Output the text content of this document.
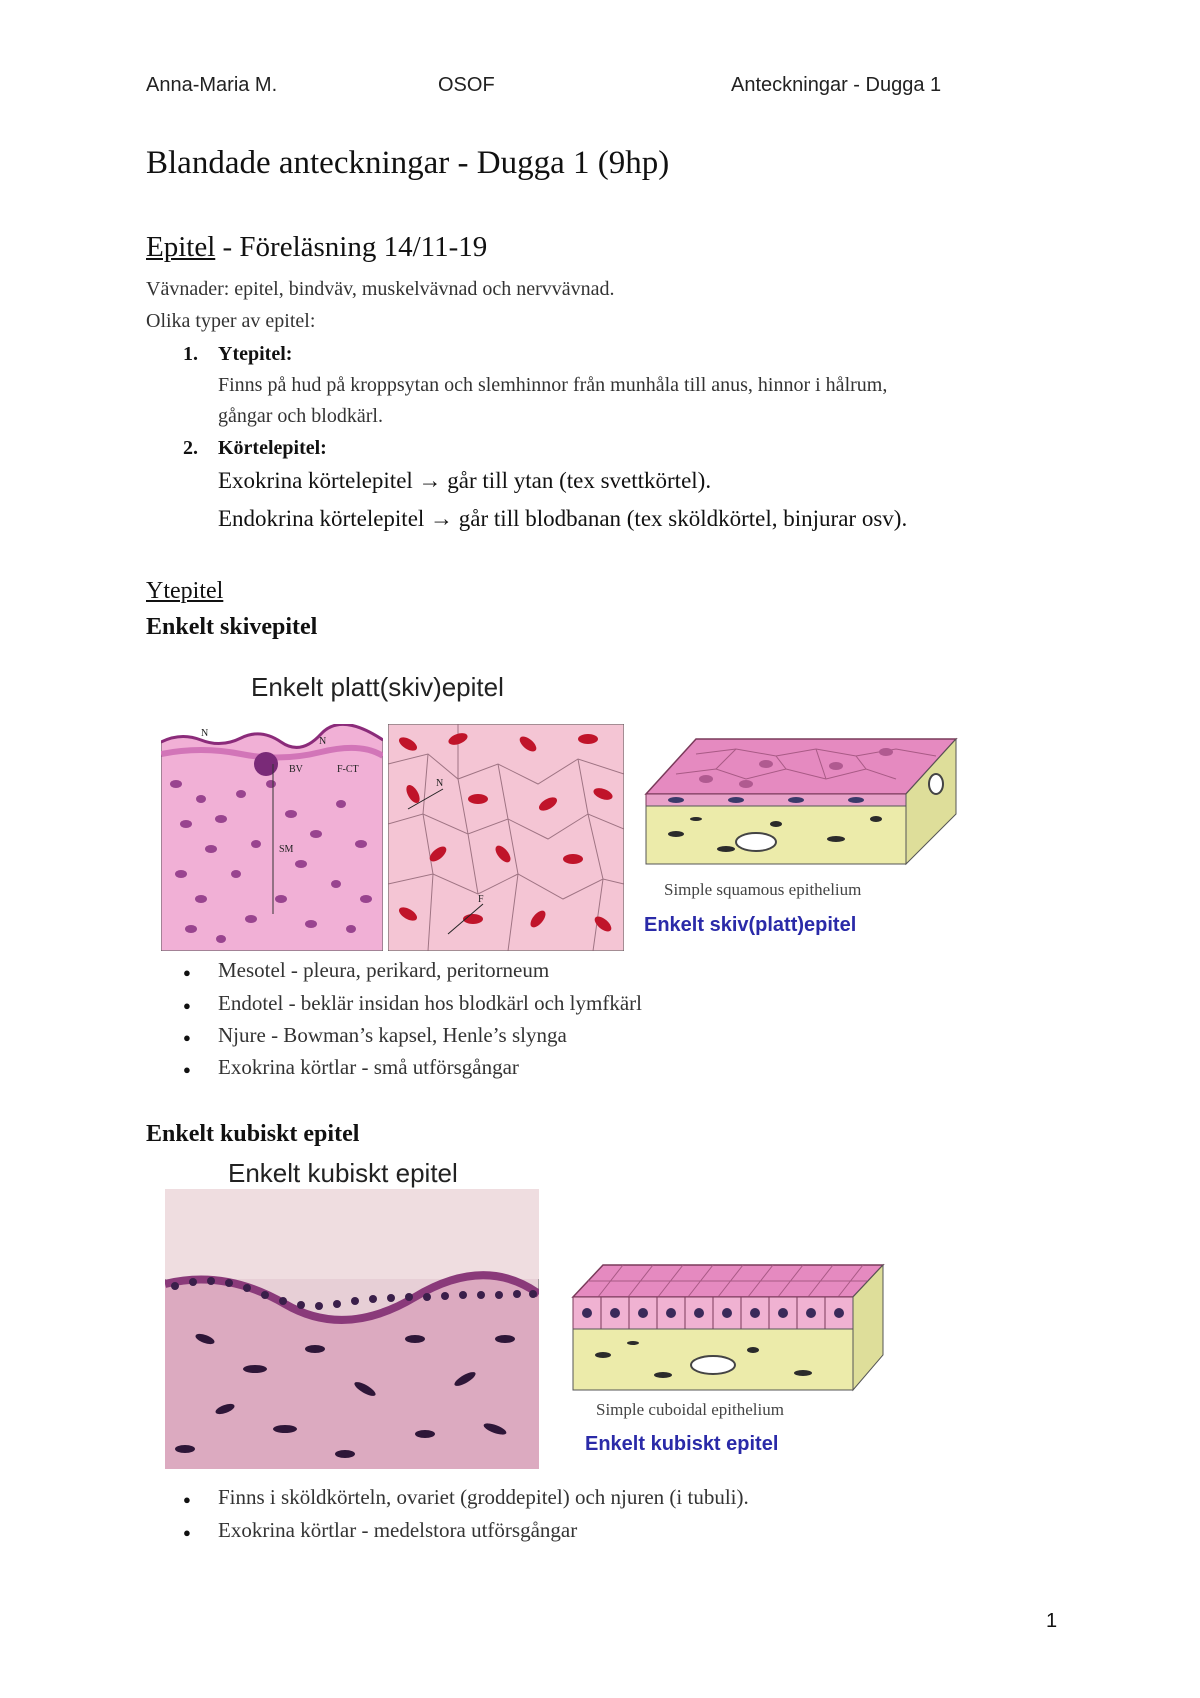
Anna-Maria M.	OSOF	Anteckningar - Dugga 1
Blandade anteckningar - Dugga 1 (9hp)
Epitel - Föreläsning 14/11-19
Vävnader: epitel, bindväv, muskelvävnad och nervvävnad.
Olika typer av epitel:
1. Ytepitel:
Finns på hud på kroppsytan och slemhinnor från munhåla till anus, hinnor i hålrum,
gångar och blodkärl.
2. Körtelepitel:
Exokrina körtelepitel → går till ytan (tex svettkörtel).
Endokrina körtelepitel → går till blodbanan (tex sköldkörtel, binjurar osv).
Ytepitel
Enkelt skivepitel
Enkelt platt(skiv)epitel
N
N
BV	F-CT
SM
N
F
Simple squamous epithelium
Enkelt skiv(platt)epitel
● Mesotel - pleura, perikard, peritorneum
● Endotel - beklär insidan hos blodkärl och lymfkärl
● Njure - Bowman’s kapsel, Henle’s slynga
● Exokrina körtlar - små utförsgångar
Enkelt kubiskt epitel
Enkelt kubiskt epitel
Simple cuboidal epithelium
Enkelt kubiskt epitel
● Finns i sköldkörteln, ovariet (groddepitel) och njuren (i tubuli).
● Exokrina körtlar - medelstora utförsgångar
1
